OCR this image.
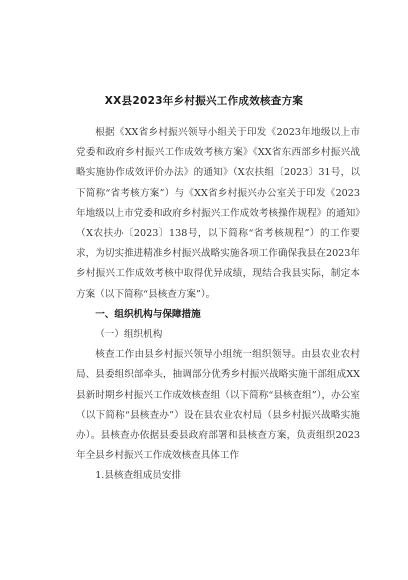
XX县2023年乡村振兴工作成效核查方案

根据《XX省乡村振兴领导小组关于印发《2023年地级以上市党委和政府乡村振兴工作成效考核方案》《XX省东西部乡村振兴战略实施协作成效评价办法》的通知》（X农扶组〔2023〕31号，以下简称“省考核方案”）与《XX省乡村振兴办公室关于印发《2023年地级以上市党委和政府乡村振兴工作成效考核操作规程》的通知》（X农扶办〔2023〕138号，以下简称“省考核规程”）的工作要求，为切实推进精准乡村振兴战略实施各项工作确保我县在2023年乡村振兴工作成效考核中取得优异成绩，现结合我县实际，制定本方案（以下简称“县核查方案”）。

一、组织机构与保障措施

（一）组织机构

核查工作由县乡村振兴领导小组统一组织领导。由县农业农村局、县委组织部牵头，抽调部分优秀乡村振兴战略实施干部组成XX县新时期乡村振兴工作成效核查组（以下简称“县核查组”），办公室（以下简称“县核查办”）设在县农业农村局（县乡村振兴战略实施办）。县核查办依据县委县政府部署和县核查方案，负责组织2023年全县乡村振兴工作成效核查具体工作

1.县核查组成员安排
